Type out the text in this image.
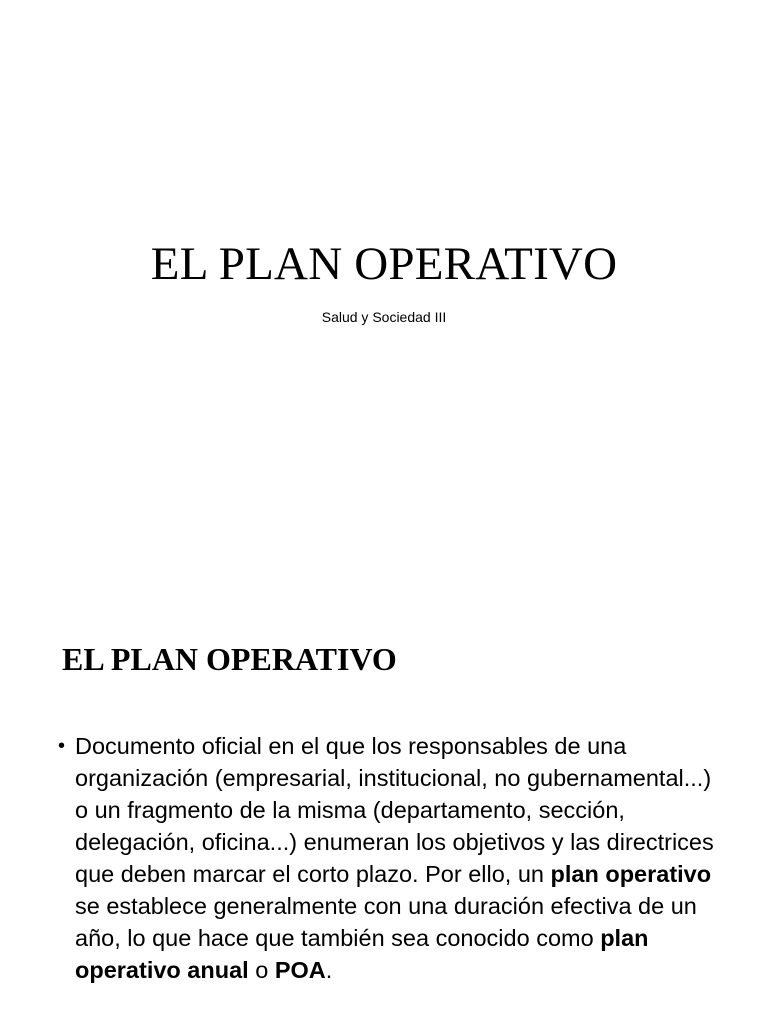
EL PLAN OPERATIVO
Salud y Sociedad III
EL PLAN OPERATIVO
• Documento oficial en el que los responsables de una organización (empresarial, institucional, no gubernamental...) o un fragmento de la misma (departamento, sección, delegación, oficina...) enumeran los objetivos y las directrices que deben marcar el corto plazo. Por ello, un plan operativo se establece generalmente con una duración efectiva de un año, lo que hace que también sea conocido como plan operativo anual o POA.
